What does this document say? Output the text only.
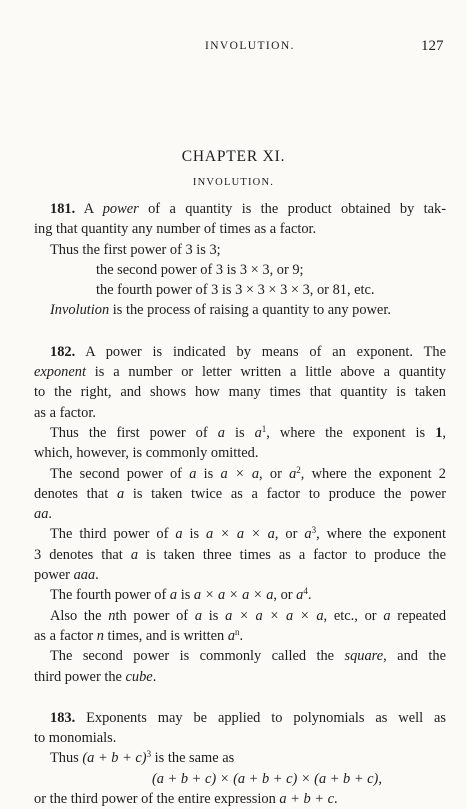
INVOLUTION.	127
CHAPTER XI.
INVOLUTION.
181. A power of a quantity is the product obtained by tak-
ing that quantity any number of times as a factor.
Thus the first power of 3 is 3;
the second power of 3 is 3 × 3, or 9;
the fourth power of 3 is 3 × 3 × 3 × 3, or 81, etc.
Involution is the process of raising a quantity to any power.
182. A power is indicated by means of an exponent. The
exponent is a number or letter written a little above a quantity
to the right, and shows how many times that quantity is taken
as a factor.
Thus the first power of a is $a^1$, where the exponent is 1,
which, however, is commonly omitted.
The second power of a is a × a, or $a^2$, where the exponent 2
denotes that a is taken twice as a factor to produce the power
aa.
The third power of a is a × a × a, or $a^3$, where the exponent
3 denotes that a is taken three times as a factor to produce the
power aaa.
The fourth power of a is a × a × a × a, or $a^4$.
Also the nth power of a is a × a × a × a, etc., or a repeated
as a factor n times, and is written $a^n$.
The second power is commonly called the square, and the
third power the cube.
183. Exponents may be applied to polynomials as well as
to monomials.
Thus $(a + b + c)^3$ is the same as
(a + b + c) × (a + b + c) × (a + b + c),
or the third power of the entire expression a + b + c.
